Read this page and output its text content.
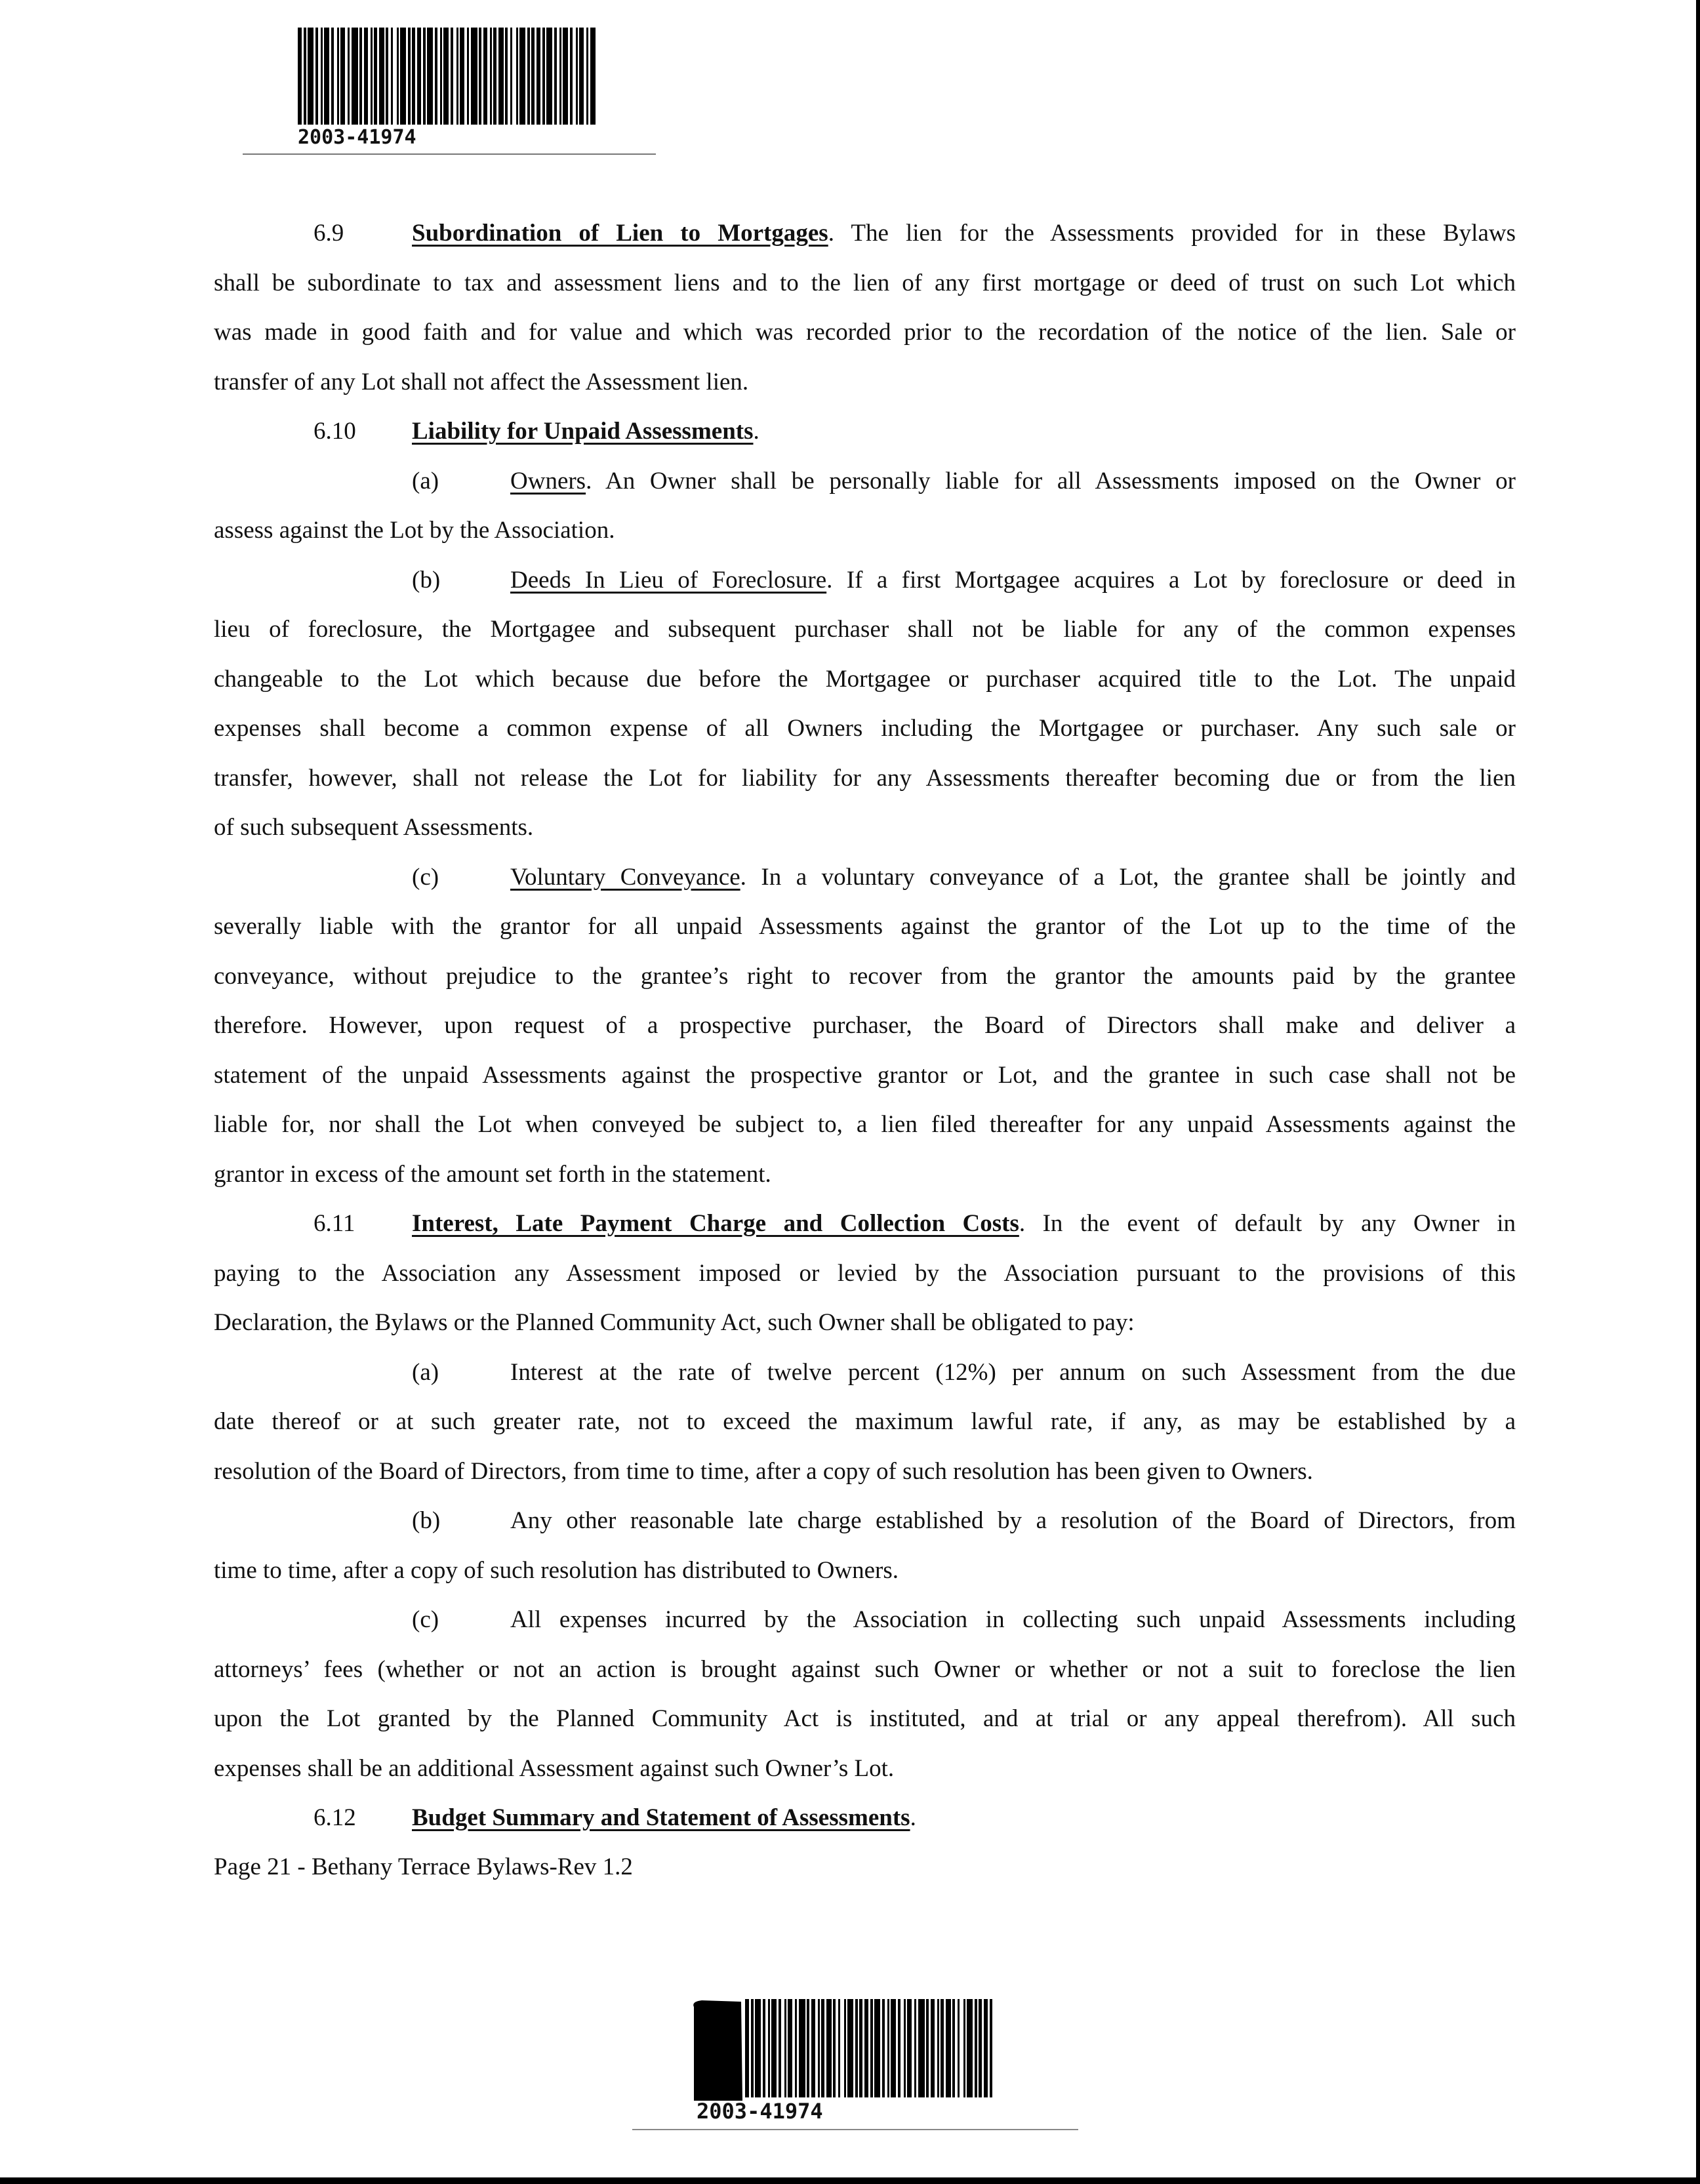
2003-41974
6.9	Subordination of Lien to Mortgages. The lien for the Assessments provided for in these Bylaws
shall be subordinate to tax and assessment liens and to the lien of any first mortgage or deed of trust on such Lot which
was made in good faith and for value and which was recorded prior to the recordation of the notice of the lien. Sale or
transfer of any Lot shall not affect the Assessment lien.
6.10 Liability for Unpaid Assessments.
(a)	Owners. An Owner shall be personally liable for all Assessments imposed on the Owner or
assess against the Lot by the Association.
(b)	Deeds In Lieu of Foreclosure. If a first Mortgagee acquires a Lot by foreclosure or deed in
lieu of foreclosure, the Mortgagee and subsequent purchaser shall not be liable for any of the common expenses
changeable to the Lot which because due before the Mortgagee or purchaser acquired title to the Lot. The unpaid
expenses shall become a common expense of all Owners including the Mortgagee or purchaser. Any such sale or
transfer, however, shall not release the Lot for liability for any Assessments thereafter becoming due or from the lien
of such subsequent Assessments.
(c)	Voluntary Conveyance. In a voluntary conveyance of a Lot, the grantee shall be jointly and
severally liable with the grantor for all unpaid Assessments against the grantor of the Lot up to the time of the
conveyance, without prejudice to the grantee’s right to recover from the grantor the amounts paid by the grantee
therefore. However, upon request of a prospective purchaser, the Board of Directors shall make and deliver a
statement of the unpaid Assessments against the prospective grantor or Lot, and the grantee in such case shall not be
liable for, nor shall the Lot when conveyed be subject to, a lien filed thereafter for any unpaid Assessments against the
grantor in excess of the amount set forth in the statement.
6.11 Interest, Late Payment Charge and Collection Costs. In the event of default by any Owner in
paying to the Association any Assessment imposed or levied by the Association pursuant to the provisions of this
Declaration, the Bylaws or the Planned Community Act, such Owner shall be obligated to pay:
(a)	Interest at the rate of twelve percent (12%) per annum on such Assessment from the due
date thereof or at such greater rate, not to exceed the maximum lawful rate, if any, as may be established by a
resolution of the Board of Directors, from time to time, after a copy of such resolution has been given to Owners.
(b)	Any other reasonable late charge established by a resolution of the Board of Directors, from
time to time, after a copy of such resolution has distributed to Owners.
(c)	All expenses incurred by the Association in collecting such unpaid Assessments including
attorneys’ fees (whether or not an action is brought against such Owner or whether or not a suit to foreclose the lien
upon the Lot granted by the Planned Community Act is instituted, and at trial or any appeal therefrom). All such
expenses shall be an additional Assessment against such Owner’s Lot.
6.12 Budget Summary and Statement of Assessments.
Page 21 - Bethany Terrace Bylaws-Rev 1.2
2003-41974
